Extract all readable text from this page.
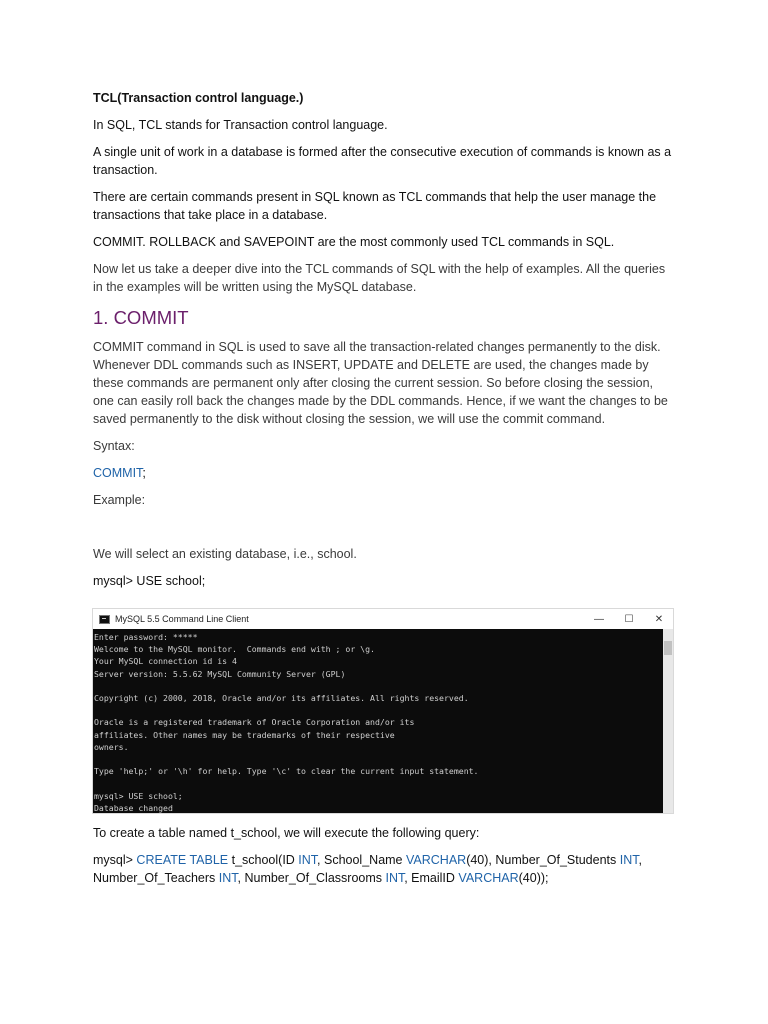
TCL(Transaction control language.)

In SQL, TCL stands for Transaction control language.

A single unit of work in a database is formed after the consecutive execution of commands is known as a transaction.

There are certain commands present in SQL known as TCL commands that help the user manage the transactions that take place in a database.

COMMIT. ROLLBACK and SAVEPOINT are the most commonly used TCL commands in SQL.

Now let us take a deeper dive into the TCL commands of SQL with the help of examples. All the queries in the examples will be written using the MySQL database.

1. COMMIT

COMMIT command in SQL is used to save all the transaction-related changes permanently to the disk. Whenever DDL commands such as INSERT, UPDATE and DELETE are used, the changes made by these commands are permanent only after closing the current session. So before closing the session, one can easily roll back the changes made by the DDL commands. Hence, if we want the changes to be saved permanently to the disk without closing the session, we will use the commit command.

Syntax:

COMMIT;

Example:

We will select an existing database, i.e., school.

mysql> USE school;

MySQL 5.5 Command Line Client	— ☐ ✕
Enter password: *****
Welcome to the MySQL monitor.  Commands end with ; or \g.
Your MySQL connection id is 4
Server version: 5.5.62 MySQL Community Server (GPL)

Copyright (c) 2000, 2018, Oracle and/or its affiliates. All rights reserved.

Oracle is a registered trademark of Oracle Corporation and/or its
affiliates. Other names may be trademarks of their respective
owners.

Type 'help;' or '\h' for help. Type '\c' to clear the current input statement.

mysql> USE school;
Database changed

To create a table named t_school, we will execute the following query:

mysql> CREATE TABLE t_school(ID INT, School_Name VARCHAR(40), Number_Of_Students INT, Number_Of_Teachers INT, Number_Of_Classrooms INT, EmailID VARCHAR(40));
